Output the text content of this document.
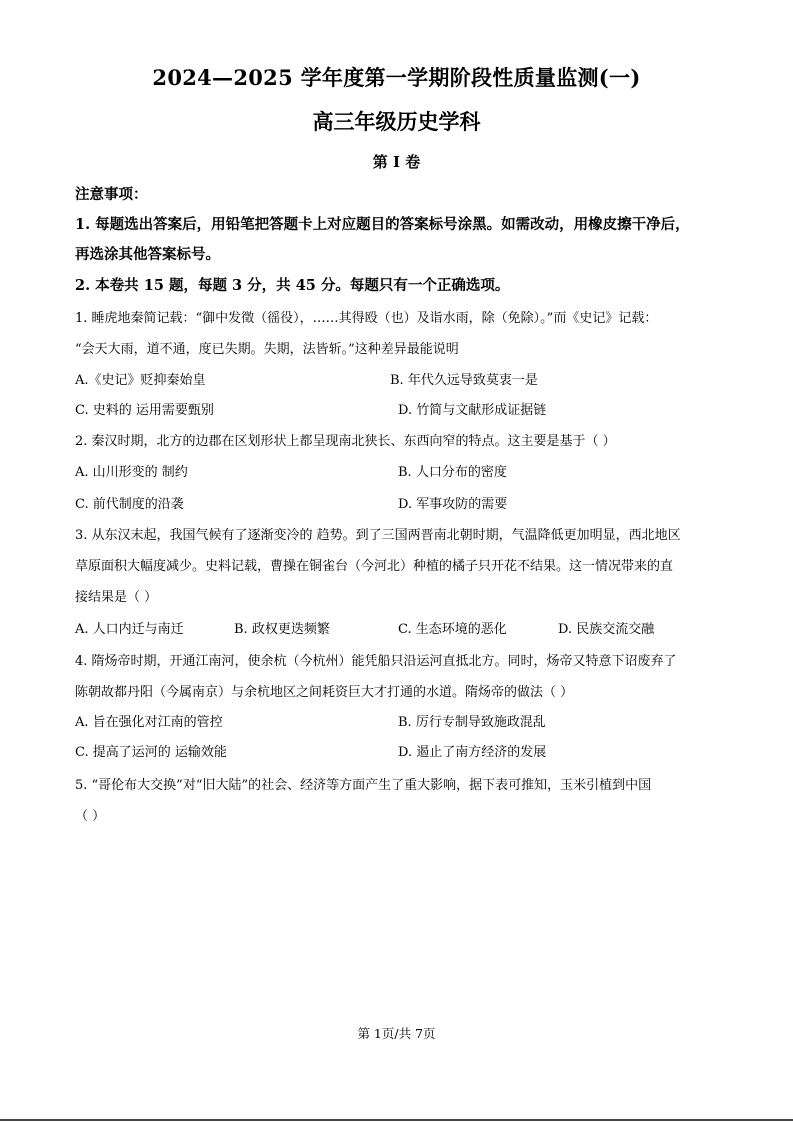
2024—2025 学年度第一学期阶段性质量监测(一)
高三年级历史学科
第 I 卷
注意事项：
1. 每题选出答案后，用铅笔把答题卡上对应题目的答案标号涂黑。如需改动，用橡皮擦干净后，
再选涂其他答案标号。
2. 本卷共 15 题，每题 3 分，共 45 分。每题只有一个正确选项。
1. 睡虎地秦简记载：“御中发徵（徭役），……其得殴（也）及诣水雨，除（免除）。”而《史记》记载：
“会天大雨，道不通，度已失期。失期，法皆斩。”这种差异最能说明
A.《史记》贬抑秦始皇	B. 年代久远导致莫衷一是
C. 史料的 运用需要甄别	D. 竹简与文献形成证据链
2. 秦汉时期，北方的边郡在区划形状上都呈现南北狭长、东西向窄的特点。这主要是基于（ ）
A. 山川形变的 制约	B. 人口分布的密度
C. 前代制度的沿袭	D. 军事攻防的需要
3. 从东汉末起，我国气候有了逐渐变冷的 趋势。到了三国两晋南北朝时期，气温降低更加明显，西北地区
草原面积大幅度减少。史料记载，曹操在铜雀台（今河北）种植的橘子只开花不结果。这一情况带来的直
接结果是（ ）
A. 人口内迁与南迁	B. 政权更迭频繁	C. 生态环境的恶化	D. 民族交流交融
4. 隋炀帝时期，开通江南河，使余杭（今杭州）能凭船只沿运河直抵北方。同时，炀帝又特意下诏废弃了
陈朝故都丹阳（今属南京）与余杭地区之间耗资巨大才打通的水道。隋炀帝的做法（ ）
A. 旨在强化对江南的管控	B. 厉行专制导致施政混乱
C. 提高了运河的 运输效能	D. 遏止了南方经济的发展
5. “哥伦布大交换”对“旧大陆”的社会、经济等方面产生了重大影响，据下表可推知，玉米引植到中国
（ ）
第 1页/共 7页
